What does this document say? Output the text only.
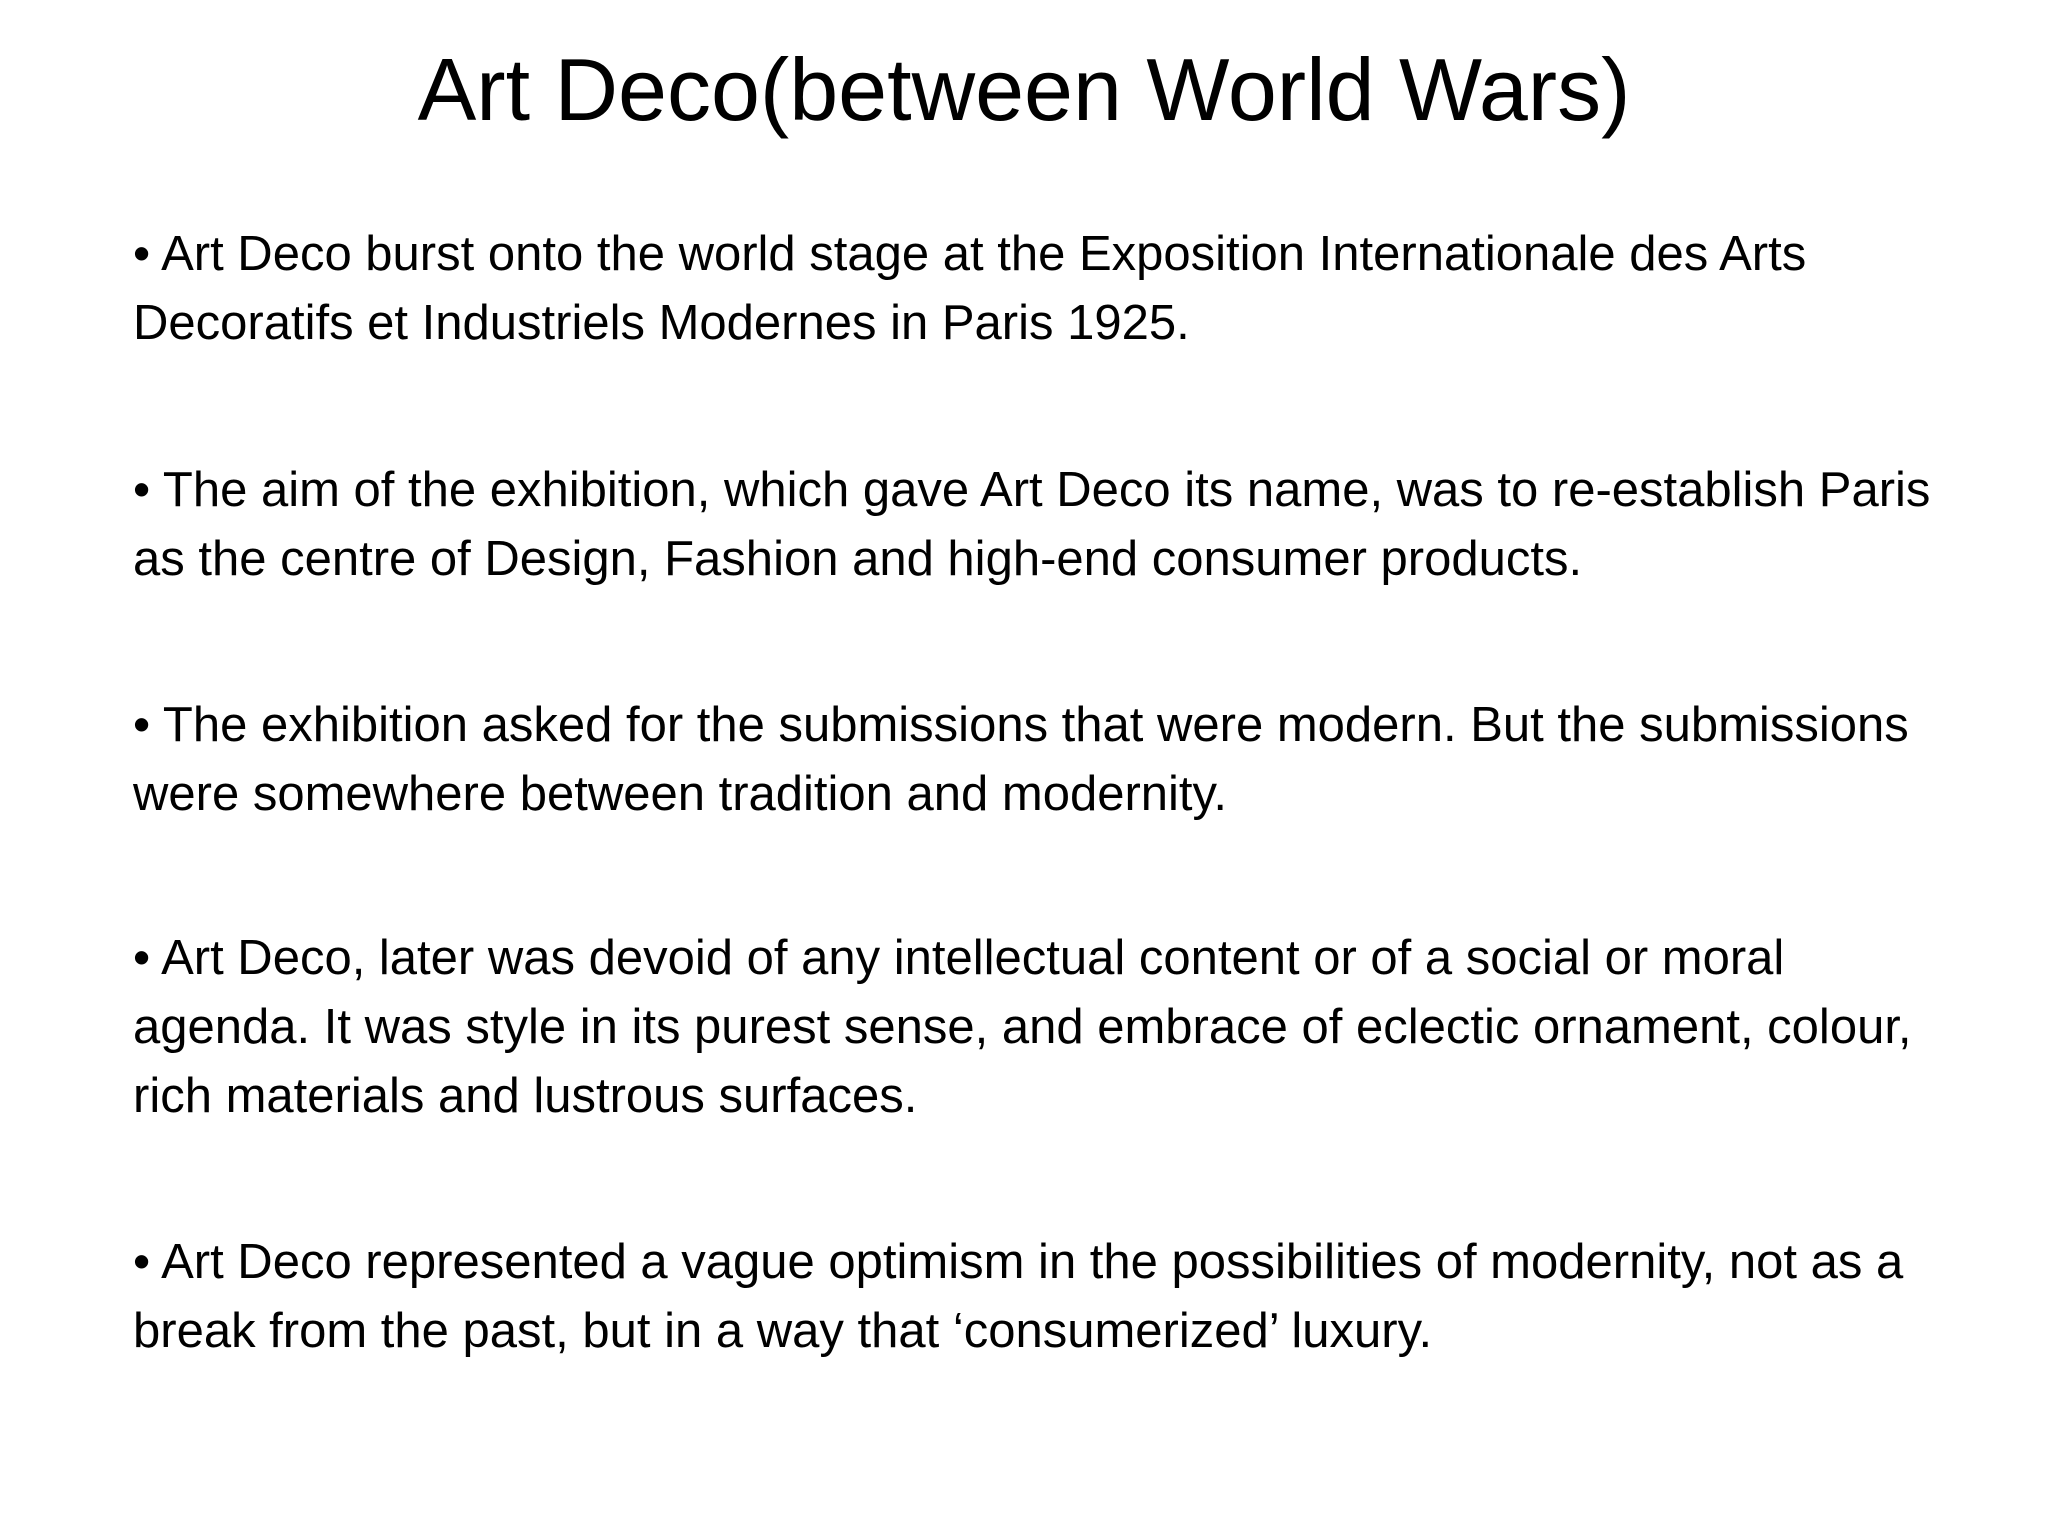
Art Deco(between World Wars)
• Art Deco burst onto the world stage at the Exposition Internationale des Arts Decoratifs et Industriels Modernes in Paris 1925.
• The aim of the exhibition, which gave Art Deco its name, was to re-establish Paris as the centre of Design, Fashion and high-end consumer products.
• The exhibition asked for the submissions that were modern. But the submissions were somewhere between tradition and modernity.
• Art Deco, later was devoid of any intellectual content or of a social or moral agenda. It was style in its purest sense, and embrace of eclectic ornament, colour, rich materials and lustrous surfaces.
• Art Deco represented a vague optimism in the possibilities of modernity, not as a break from the past, but in a way that ‘consumerized’ luxury.
